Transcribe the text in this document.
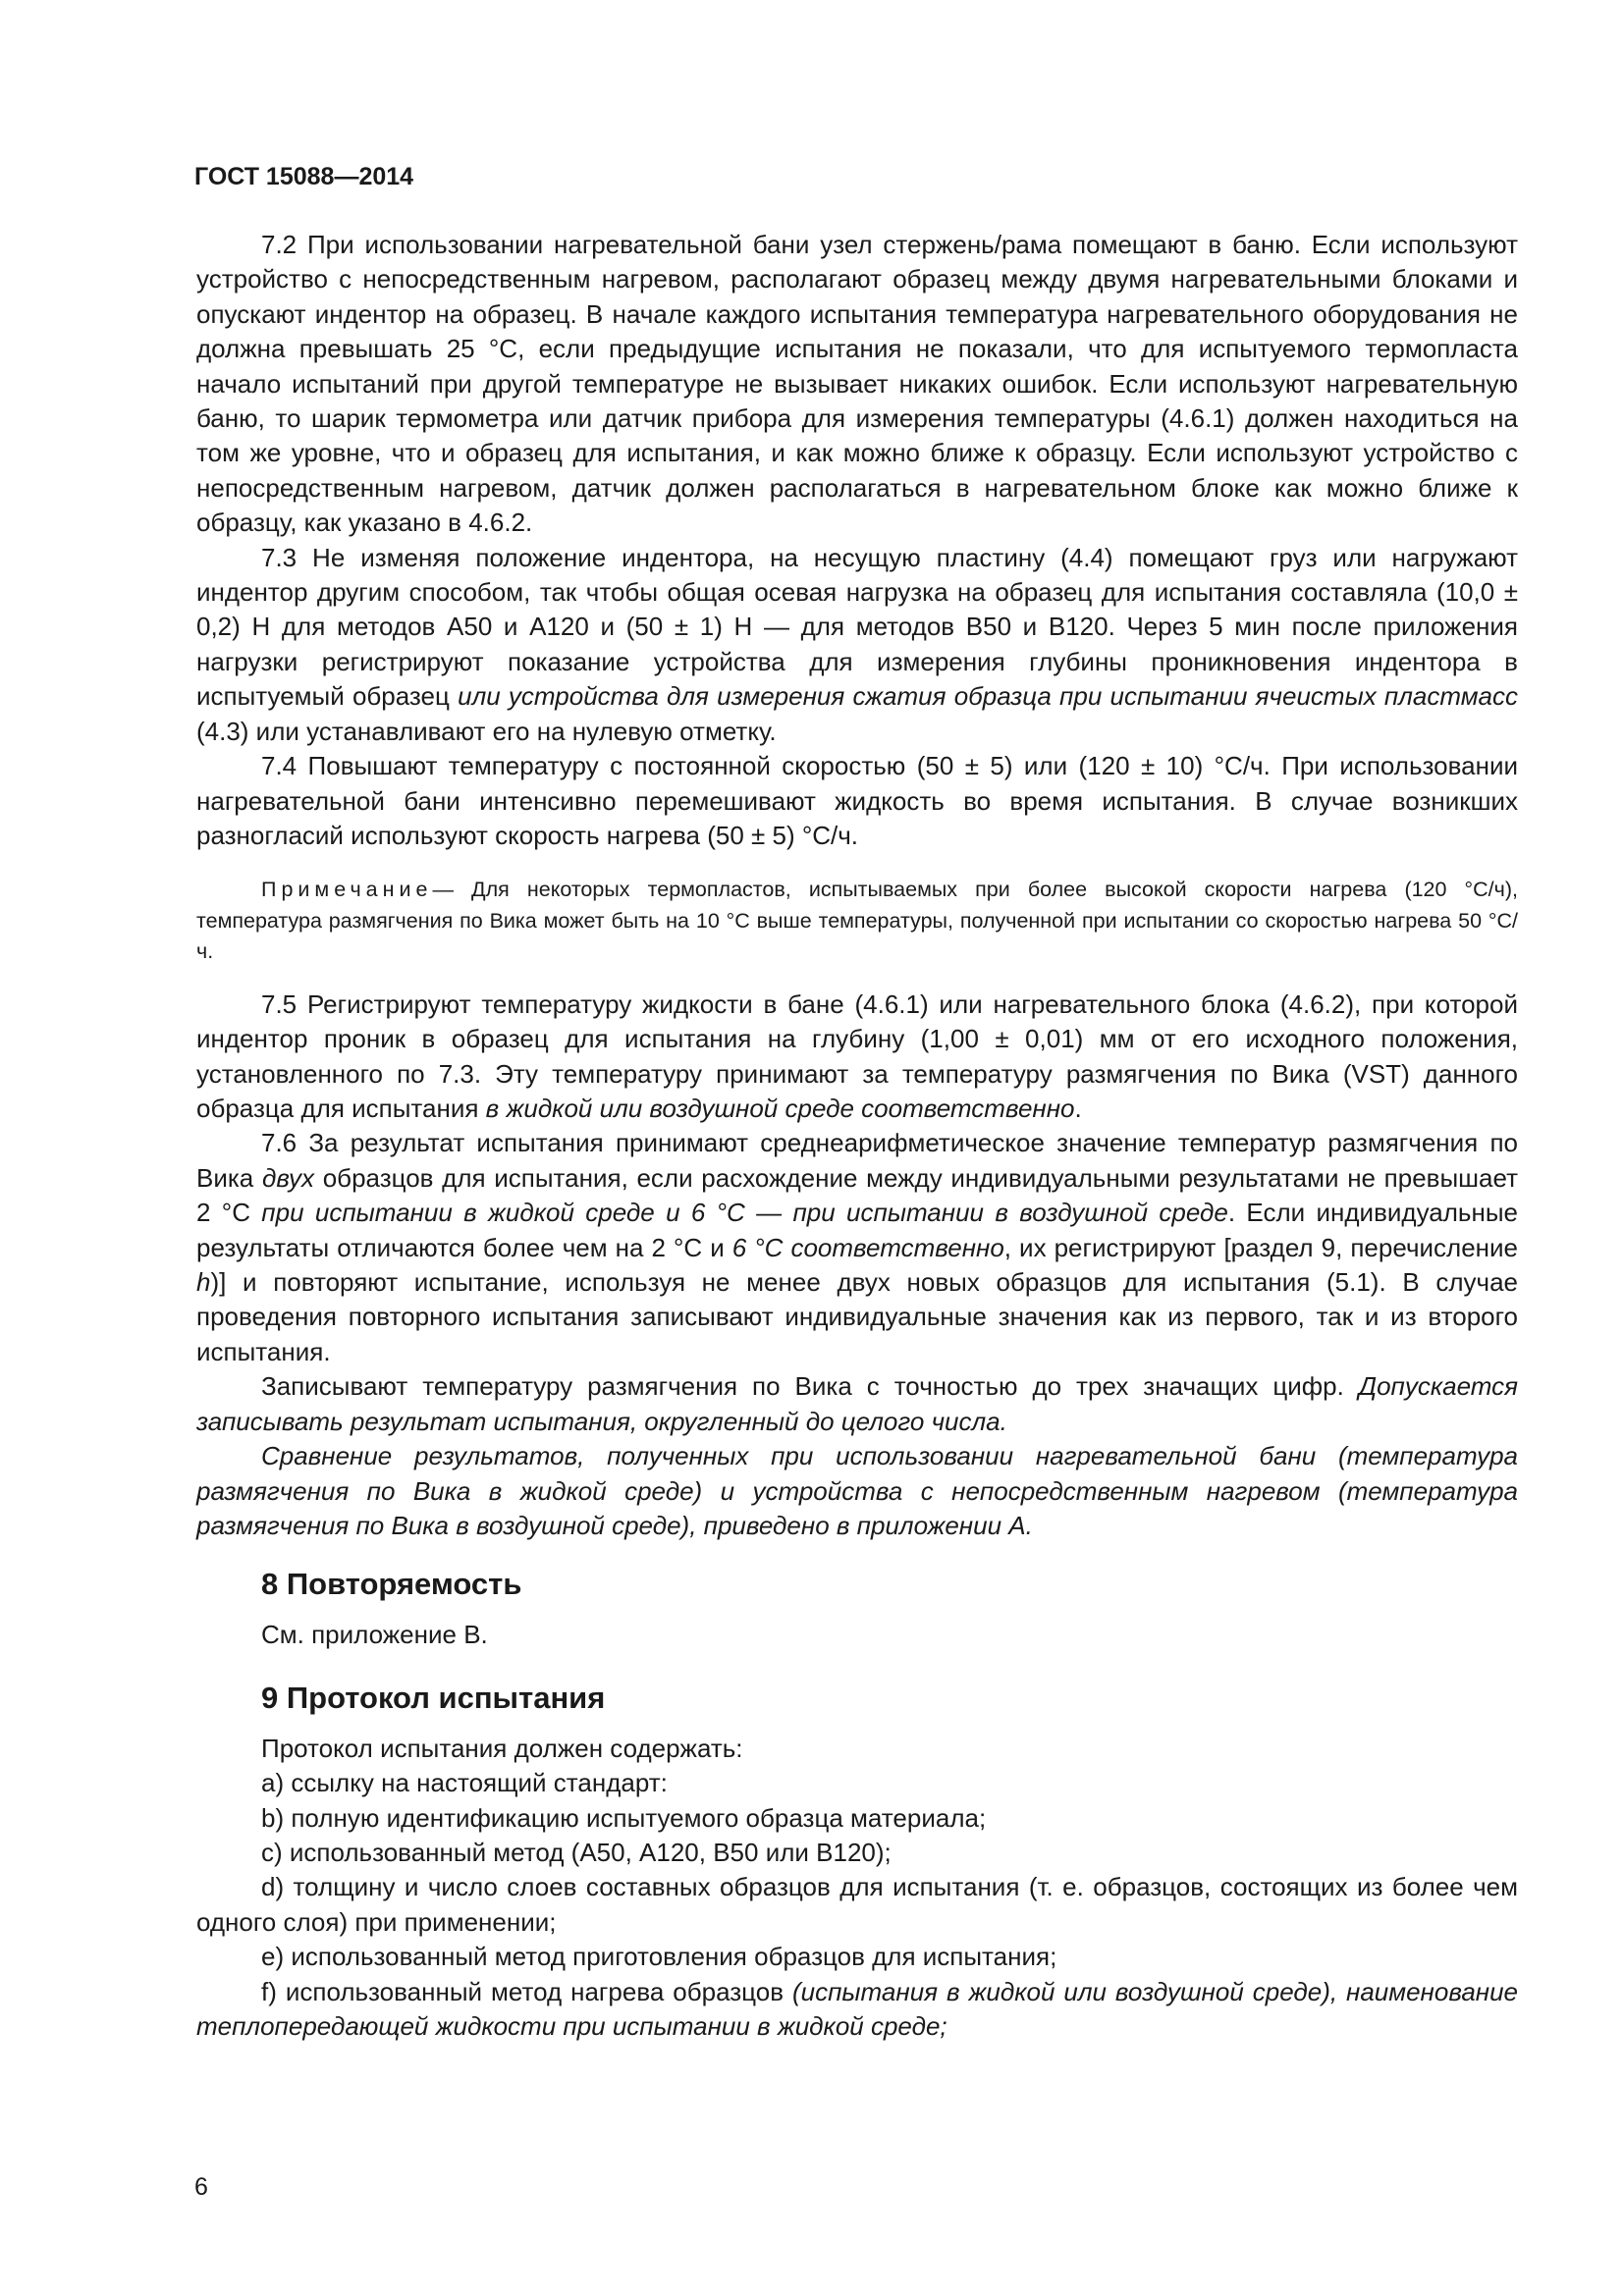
ГОСТ 15088—2014

7.2 При использовании нагревательной бани узел стержень/рама помещают в баню. Если используют устройство с непосредственным нагревом, располагают образец между двумя нагревательными блоками и опускают индентор на образец. В начале каждого испытания температура нагревательного оборудования не должна превышать 25 °С, если предыдущие испытания не показали, что для испытуемого термопласта начало испытаний при другой температуре не вызывает никаких ошибок. Если используют нагревательную баню, то шарик термометра или датчик прибора для измерения температуры (4.6.1) должен находиться на том же уровне, что и образец для испытания, и как можно ближе к образцу. Если используют устройство с непосредственным нагревом, датчик должен располагаться в нагревательном блоке как можно ближе к образцу, как указано в 4.6.2.

7.3 Не изменяя положение индентора, на несущую пластину (4.4) помещают груз или нагружают индентор другим способом, так чтобы общая осевая нагрузка на образец для испытания составляла (10,0 ± 0,2) Н для методов А50 и А120 и (50 ± 1) Н — для методов В50 и В120. Через 5 мин после приложения нагрузки регистрируют показание устройства для измерения глубины проникновения индентора в испытуемый образец или устройства для измерения сжатия образца при испытании ячеистых пластмасс (4.3) или устанавливают его на нулевую отметку.

7.4 Повышают температуру с постоянной скоростью (50 ± 5) или (120 ± 10) °С/ч. При использовании нагревательной бани интенсивно перемешивают жидкость во время испытания. В случае возникших разногласий используют скорость нагрева (50 ± 5) °С/ч.

Примечание— Для некоторых термопластов, испытываемых при более высокой скорости нагрева (120 °С/ч), температура размягчения по Вика может быть на 10 °С выше температуры, полученной при испытании со скоростью нагрева 50 °С/ч.

7.5 Регистрируют температуру жидкости в бане (4.6.1) или нагревательного блока (4.6.2), при которой индентор проник в образец для испытания на глубину (1,00 ± 0,01) мм от его исходного положения, установленного по 7.3. Эту температуру принимают за температуру размягчения по Вика (VST) данного образца для испытания в жидкой или воздушной среде соответственно.

7.6 За результат испытания принимают среднеарифметическое значение температур размягчения по Вика двух образцов для испытания, если расхождение между индивидуальными результатами не превышает 2 °С при испытании в жидкой среде и 6 °С — при испытании в воздушной среде. Если индивидуальные результаты отличаются более чем на 2 °С и 6 °С соответственно, их регистрируют [раздел 9, перечисление h)] и повторяют испытание, используя не менее двух новых образцов для испытания (5.1). В случае проведения повторного испытания записывают индивидуальные значения как из первого, так и из второго испытания.

Записывают температуру размягчения по Вика с точностью до трех значащих цифр. Допускается записывать результат испытания, округленный до целого числа.

Сравнение результатов, полученных при использовании нагревательной бани (температура размягчения по Вика в жидкой среде) и устройства с непосредственным нагревом (температура размягчения по Вика в воздушной среде), приведено в приложении А.

8 Повторяемость

См. приложение В.

9 Протокол испытания

Протокол испытания должен содержать:

а) ссылку на настоящий стандарт:

b) полную идентификацию испытуемого образца материала;

с) использованный метод (А50, А120, В50 или В120);

d) толщину и число слоев составных образцов для испытания (т. е. образцов, состоящих из более чем одного слоя) при применении;

е) использованный метод приготовления образцов для испытания;

f) использованный метод нагрева образцов (испытания в жидкой или воздушной среде), наименование теплопередающей жидкости при испытании в жидкой среде;

6
